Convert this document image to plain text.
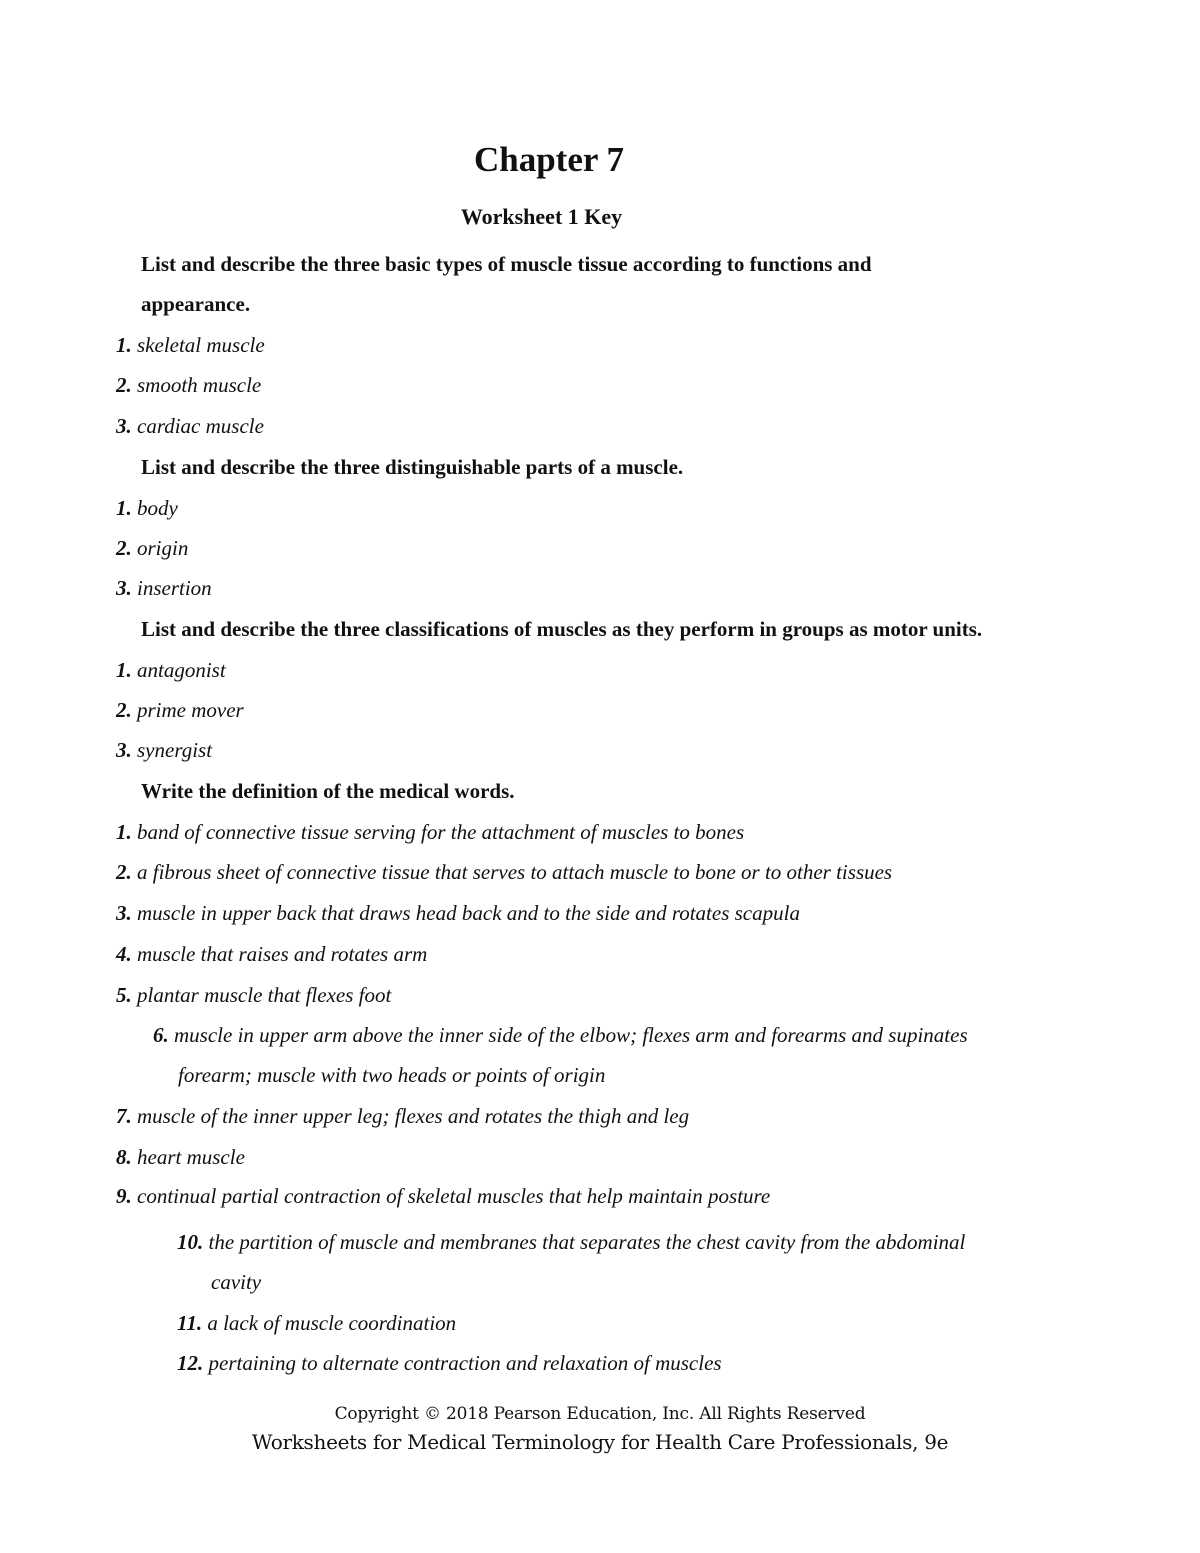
Chapter 7
Worksheet 1 Key
List and describe the three basic types of muscle tissue according to functions and
appearance.
1. skeletal muscle
2. smooth muscle
3. cardiac muscle
List and describe the three distinguishable parts of a muscle.
1. body
2. origin
3. insertion
List and describe the three classifications of muscles as they perform in groups as motor units.
1. antagonist
2. prime mover
3. synergist
Write the definition of the medical words.
1. band of connective tissue serving for the attachment of muscles to bones
2. a fibrous sheet of connective tissue that serves to attach muscle to bone or to other tissues
3. muscle in upper back that draws head back and to the side and rotates scapula
4. muscle that raises and rotates arm
5. plantar muscle that flexes foot
6. muscle in upper arm above the inner side of the elbow; flexes arm and forearms and supinates
forearm; muscle with two heads or points of origin
7. muscle of the inner upper leg; flexes and rotates the thigh and leg
8. heart muscle
9. continual partial contraction of skeletal muscles that help maintain posture
10. the partition of muscle and membranes that separates the chest cavity from the abdominal
cavity
11. a lack of muscle coordination
12. pertaining to alternate contraction and relaxation of muscles
Copyright © 2018 Pearson Education, Inc. All Rights Reserved
Worksheets for Medical Terminology for Health Care Professionals, 9e
